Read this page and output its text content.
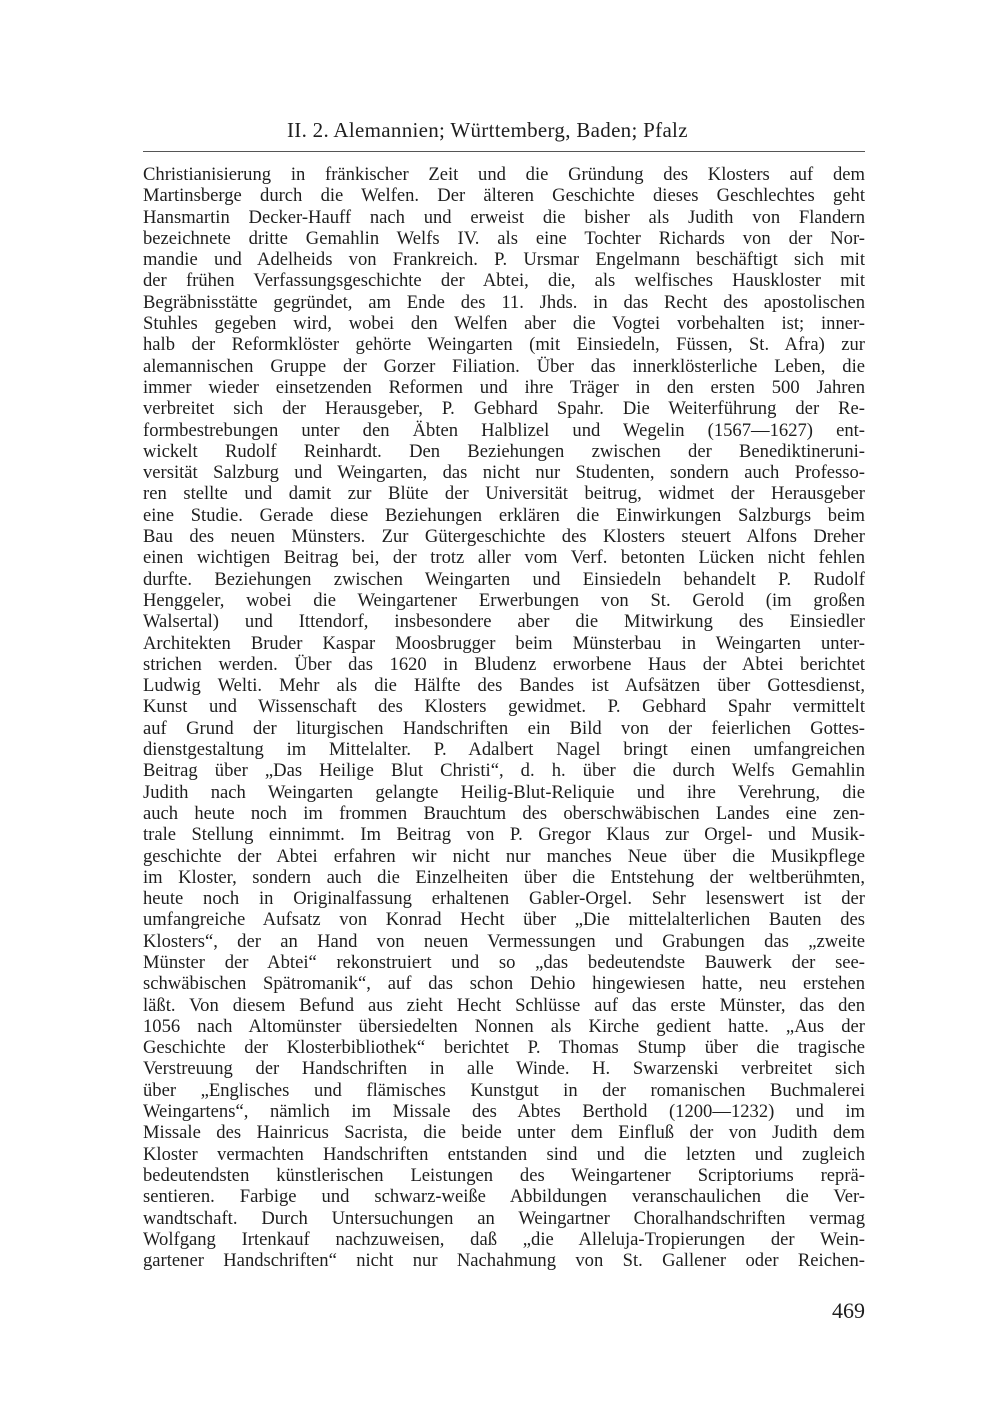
II. 2. Alemannien; Württemberg, Baden; Pfalz
Christianisierung in fränkischer Zeit und die Gründung des Klosters auf dem
Martinsberge durch die Welfen. Der älteren Geschichte dieses Geschlechtes geht
Hansmartin Decker-Hauff nach und erweist die bisher als Judith von Flandern
bezeichnete dritte Gemahlin Welfs IV. als eine Tochter Richards von der Nor-
mandie und Adelheids von Frankreich. P. Ursmar Engelmann beschäftigt sich mit
der frühen Verfassungsgeschichte der Abtei, die, als welfisches Hauskloster mit
Begräbnisstätte gegründet, am Ende des 11. Jhds. in das Recht des apostolischen
Stuhles gegeben wird, wobei den Welfen aber die Vogtei vorbehalten ist; inner-
halb der Reformklöster gehörte Weingarten (mit Einsiedeln, Füssen, St. Afra) zur
alemannischen Gruppe der Gorzer Filiation. Über das innerklösterliche Leben, die
immer wieder einsetzenden Reformen und ihre Träger in den ersten 500 Jahren
verbreitet sich der Herausgeber, P. Gebhard Spahr. Die Weiterführung der Re-
formbestrebungen unter den Äbten Halblizel und Wegelin (1567—1627) ent-
wickelt Rudolf Reinhardt. Den Beziehungen zwischen der Benediktineruni-
versität Salzburg und Weingarten, das nicht nur Studenten, sondern auch Professo-
ren stellte und damit zur Blüte der Universität beitrug, widmet der Herausgeber
eine Studie. Gerade diese Beziehungen erklären die Einwirkungen Salzburgs beim
Bau des neuen Münsters. Zur Gütergeschichte des Klosters steuert Alfons Dreher
einen wichtigen Beitrag bei, der trotz aller vom Verf. betonten Lücken nicht fehlen
durfte. Beziehungen zwischen Weingarten und Einsiedeln behandelt P. Rudolf
Henggeler, wobei die Weingartener Erwerbungen von St. Gerold (im großen
Walsertal) und Ittendorf, insbesondere aber die Mitwirkung des Einsiedler
Architekten Bruder Kaspar Moosbrugger beim Münsterbau in Weingarten unter-
strichen werden. Über das 1620 in Bludenz erworbene Haus der Abtei berichtet
Ludwig Welti. Mehr als die Hälfte des Bandes ist Aufsätzen über Gottesdienst,
Kunst und Wissenschaft des Klosters gewidmet. P. Gebhard Spahr vermittelt
auf Grund der liturgischen Handschriften ein Bild von der feierlichen Gottes-
dienstgestaltung im Mittelalter. P. Adalbert Nagel bringt einen umfangreichen
Beitrag über „Das Heilige Blut Christi“, d. h. über die durch Welfs Gemahlin
Judith nach Weingarten gelangte Heilig-Blut-Reliquie und ihre Verehrung, die
auch heute noch im frommen Brauchtum des oberschwäbischen Landes eine zen-
trale Stellung einnimmt. Im Beitrag von P. Gregor Klaus zur Orgel- und Musik-
geschichte der Abtei erfahren wir nicht nur manches Neue über die Musikpflege
im Kloster, sondern auch die Einzelheiten über die Entstehung der weltberühmten,
heute noch in Originalfassung erhaltenen Gabler-Orgel. Sehr lesenswert ist der
umfangreiche Aufsatz von Konrad Hecht über „Die mittelalterlichen Bauten des
Klosters“, der an Hand von neuen Vermessungen und Grabungen das „zweite
Münster der Abtei“ rekonstruiert und so „das bedeutendste Bauwerk der see-
schwäbischen Spätromanik“, auf das schon Dehio hingewiesen hatte, neu erstehen
läßt. Von diesem Befund aus zieht Hecht Schlüsse auf das erste Münster, das den
1056 nach Altomünster übersiedelten Nonnen als Kirche gedient hatte. „Aus der
Geschichte der Klosterbibliothek“ berichtet P. Thomas Stump über die tragische
Verstreuung der Handschriften in alle Winde. H. Swarzenski verbreitet sich
über „Englisches und flämisches Kunstgut in der romanischen Buchmalerei
Weingartens“, nämlich im Missale des Abtes Berthold (1200—1232) und im
Missale des Hainricus Sacrista, die beide unter dem Einfluß der von Judith dem
Kloster vermachten Handschriften entstanden sind und die letzten und zugleich
bedeutendsten künstlerischen Leistungen des Weingartener Scriptoriums reprä-
sentieren. Farbige und schwarz-weiße Abbildungen veranschaulichen die Ver-
wandtschaft. Durch Untersuchungen an Weingartner Choralhandschriften vermag
Wolfgang Irtenkauf nachzuweisen, daß „die Alleluja-Tropierungen der Wein-
gartener Handschriften“ nicht nur Nachahmung von St. Gallener oder Reichen-
469
